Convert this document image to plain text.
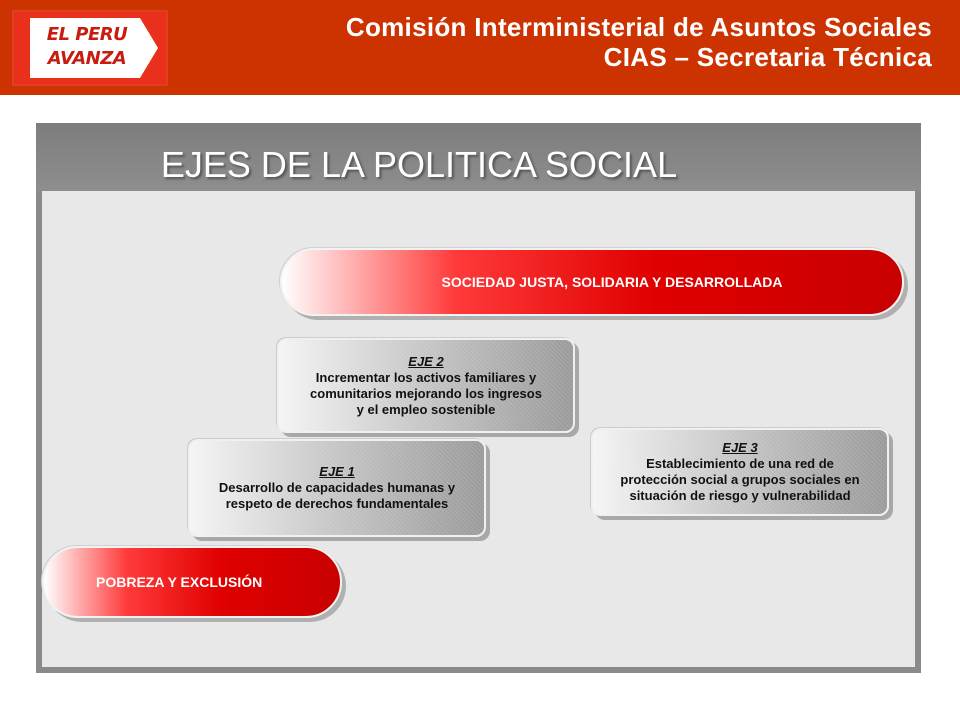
EL PERU
AVANZA
Comisión Interministerial de Asuntos Sociales
CIAS – Secretaria Técnica
EJES DE LA POLITICA SOCIAL
SOCIEDAD JUSTA, SOLIDARIA Y DESARROLLADA
EJE 2
Incrementar los activos familiares y
comunitarios mejorando los ingresos
y el empleo sostenible
EJE 1
Desarrollo de capacidades humanas y
respeto de derechos fundamentales
EJE 3
Establecimiento de una red de
protección social a grupos sociales en
situación de riesgo y vulnerabilidad
POBREZA Y EXCLUSIÓN
